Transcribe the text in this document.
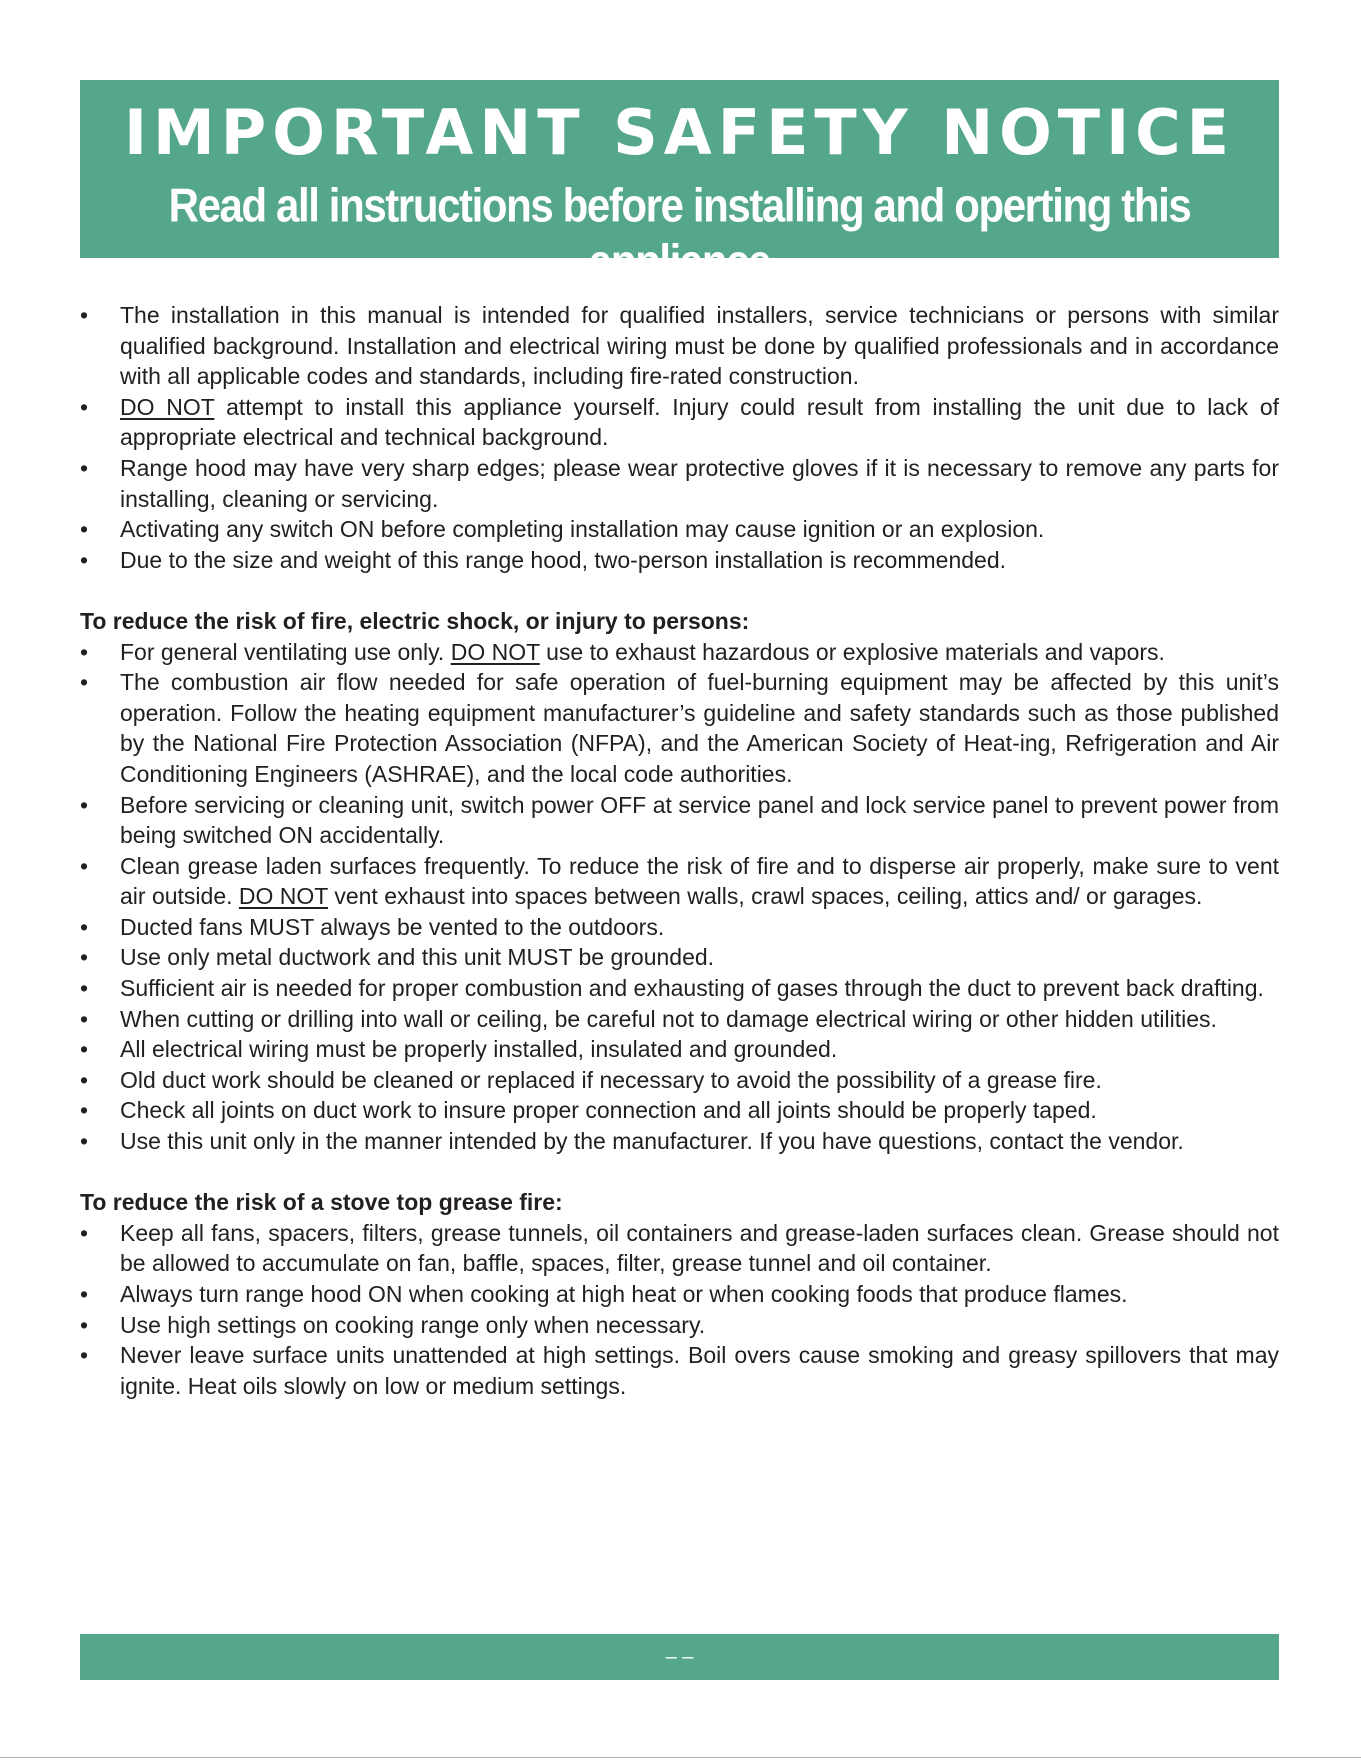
IMPORTANT SAFETY NOTICE
Read all instructions before installing and operting this appliance
• The installation in this manual is intended for qualified installers, service technicians or persons with similar qualified background. Installation and electrical wiring must be done by qualified professionals and in accordance with all applicable codes and standards, including fire-rated construction.
• DO NOT attempt to install this appliance yourself. Injury could result from installing the unit due to lack of appropriate electrical and technical background.
• Range hood may have very sharp edges; please wear protective gloves if it is necessary to remove any parts for installing, cleaning or servicing.
• Activating any switch ON before completing installation may cause ignition or an explosion.
• Due to the size and weight of this range hood, two-person installation is recommended.
To reduce the risk of fire, electric shock, or injury to persons:
• For general ventilating use only. DO NOT use to exhaust hazardous or explosive materials and vapors.
• The combustion air flow needed for safe operation of fuel-burning equipment may be affected by this unit’s operation. Follow the heating equipment manufacturer’s guideline and safety standards such as those published by the National Fire Protection Association (NFPA), and the American Society of Heat-ing, Refrigeration and Air Conditioning Engineers (ASHRAE), and the local code authorities.
• Before servicing or cleaning unit, switch power OFF at service panel and lock service panel to prevent power from being switched ON accidentally.
• Clean grease laden surfaces frequently. To reduce the risk of fire and to disperse air properly, make sure to vent air outside. DO NOT vent exhaust into spaces between walls, crawl spaces, ceiling, attics and/ or garages.
• Ducted fans MUST always be vented to the outdoors.
• Use only metal ductwork and this unit MUST be grounded.
• Sufficient air is needed for proper combustion and exhausting of gases through the duct to prevent back drafting.
• When cutting or drilling into wall or ceiling, be careful not to damage electrical wiring or other hidden utilities.
• All electrical wiring must be properly installed, insulated and grounded.
• Old duct work should be cleaned or replaced if necessary to avoid the possibility of a grease fire.
• Check all joints on duct work to insure proper connection and all joints should be properly taped.
• Use this unit only in the manner intended by the manufacturer. If you have questions, contact the vendor.
To reduce the risk of a stove top grease fire:
• Keep all fans, spacers, filters, grease tunnels, oil containers and grease-laden surfaces clean. Grease should not be allowed to accumulate on fan, baffle, spaces, filter, grease tunnel and oil container.
• Always turn range hood ON when cooking at high heat or when cooking foods that produce flames.
• Use high settings on cooking range only when necessary.
• Never leave surface units unattended at high settings. Boil overs cause smoking and greasy spillovers that may ignite. Heat oils slowly on low or medium settings.
– –
